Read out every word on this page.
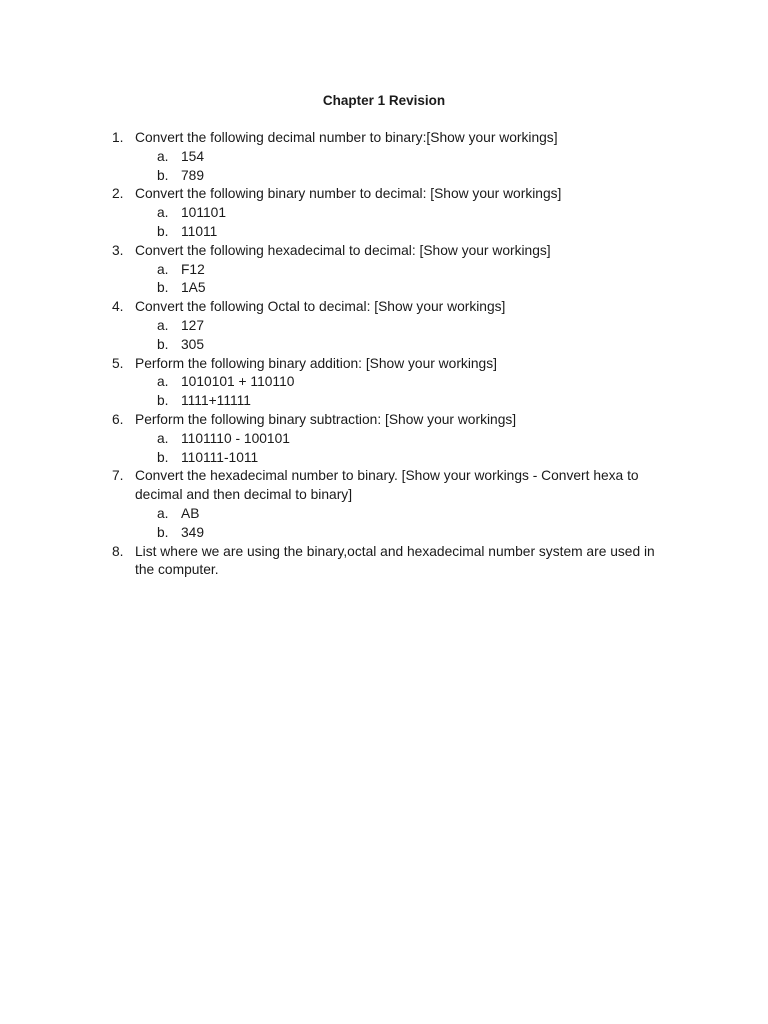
Chapter 1 Revision
1. Convert the following decimal number to binary:[Show your workings]
a. 154
b. 789
2. Convert the following binary number to decimal: [Show your workings]
a. 101101
b. 11011
3. Convert the following hexadecimal to decimal: [Show your workings]
a. F12
b. 1A5
4. Convert the following Octal to decimal: [Show your workings]
a. 127
b. 305
5. Perform the following binary addition: [Show your workings]
a. 1010101 + 110110
b. 1111+11111
6. Perform the following binary subtraction: [Show your workings]
a. 1101110 - 100101
b. 110111-1011
7. Convert the hexadecimal number to binary. [Show your workings - Convert hexa to decimal and then decimal to binary]
a. AB
b. 349
8. List where we are using the binary,octal and hexadecimal number system are used in the computer.
